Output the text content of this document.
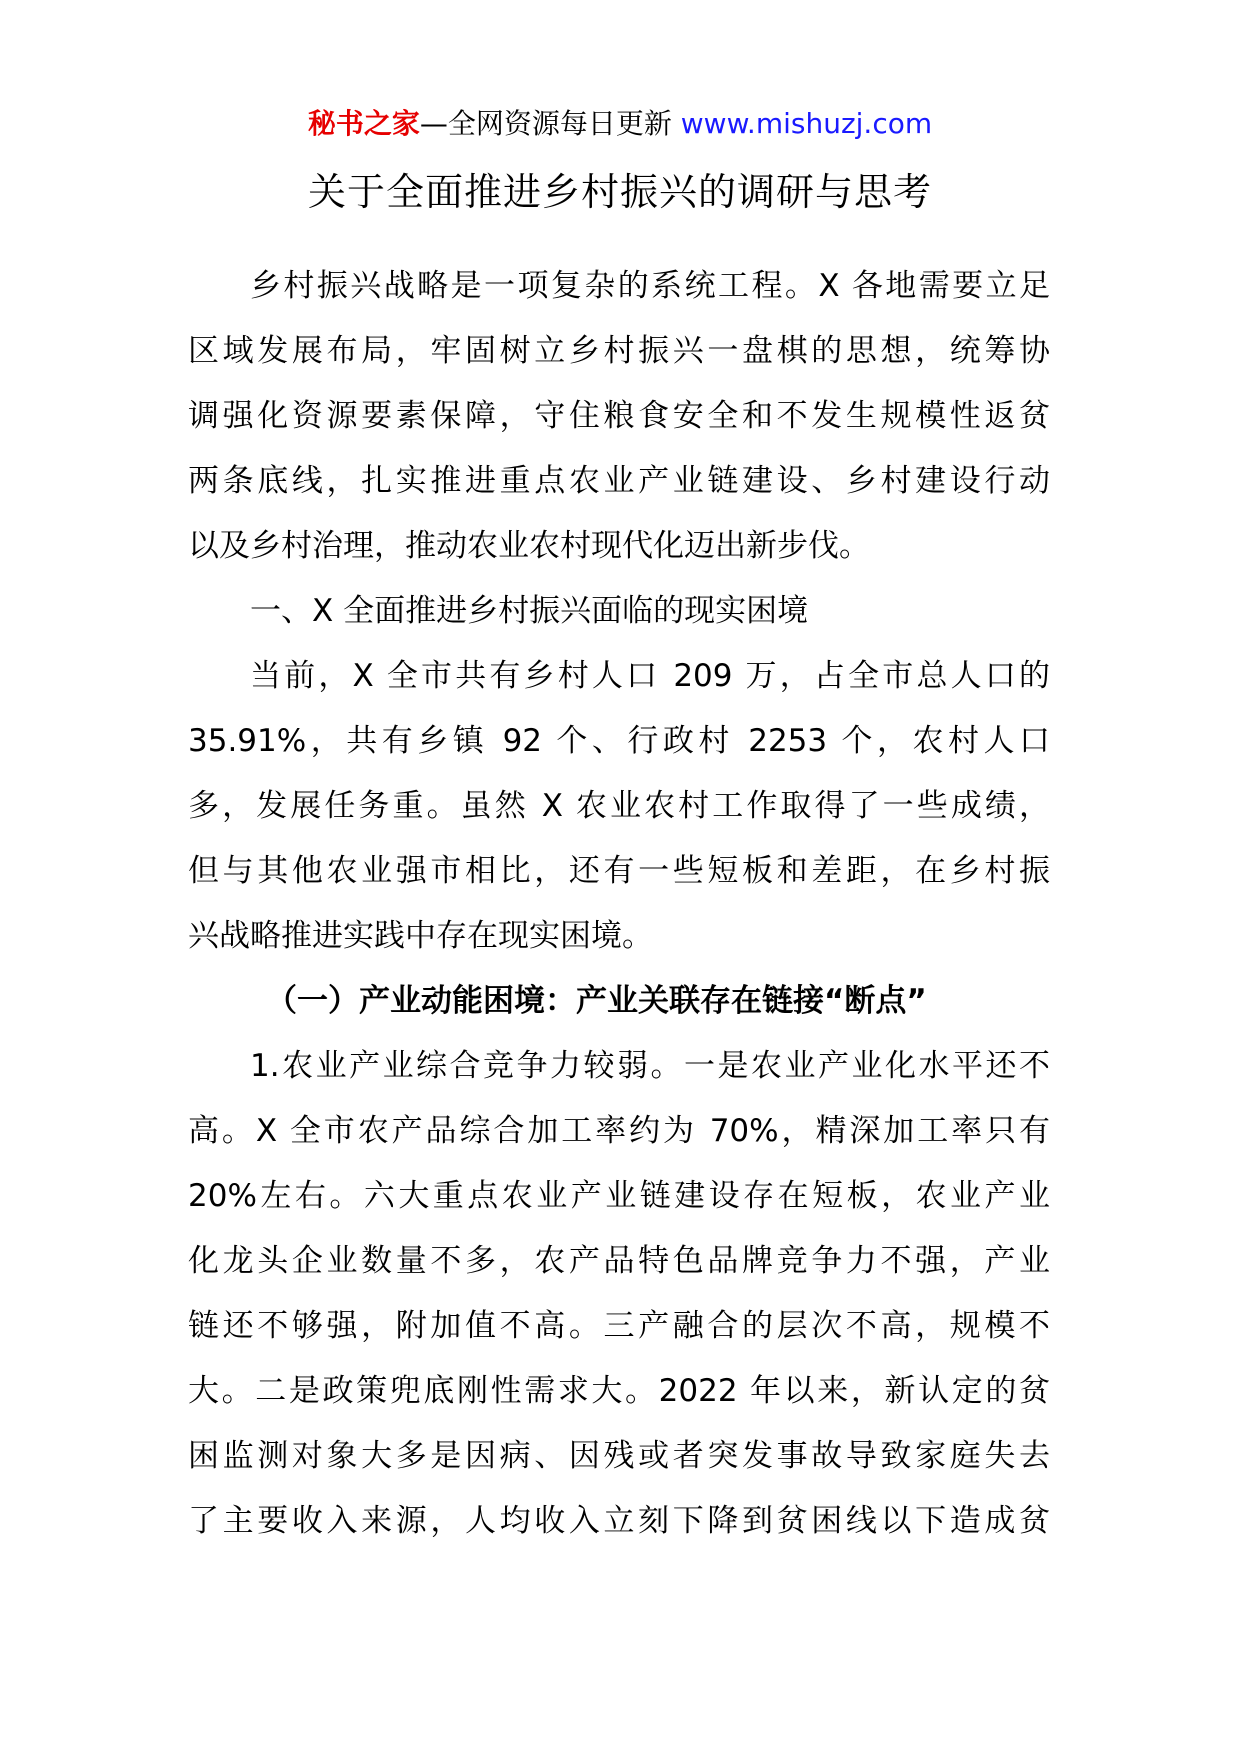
秘书之家—全网资源每日更新 www.mishuzj.com
关于全面推进乡村振兴的调研与思考
乡村振兴战略是一项复杂的系统工程。X 各地需要立足
区域发展布局，牢固树立乡村振兴一盘棋的思想，统筹协
调强化资源要素保障，守住粮食安全和不发生规模性返贫
两条底线，扎实推进重点农业产业链建设、乡村建设行动
以及乡村治理，推动农业农村现代化迈出新步伐。
一、X 全面推进乡村振兴面临的现实困境
当前，X 全市共有乡村人口 209 万，占全市总人口的
35.91%，共有乡镇 92 个、行政村 2253 个，农村人口
多，发展任务重。虽然 X 农业农村工作取得了一些成绩，
但与其他农业强市相比，还有一些短板和差距，在乡村振
兴战略推进实践中存在现实困境。
（一）产业动能困境：产业关联存在链接“断点”
1.农业产业综合竞争力较弱。一是农业产业化水平还不
高。X 全市农产品综合加工率约为 70%，精深加工率只有
20%左右。六大重点农业产业链建设存在短板，农业产业
化龙头企业数量不多，农产品特色品牌竞争力不强，产业
链还不够强，附加值不高。三产融合的层次不高，规模不
大。二是政策兜底刚性需求大。2022 年以来，新认定的贫
困监测对象大多是因病、因残或者突发事故导致家庭失去
了主要收入来源，人均收入立刻下降到贫困线以下造成贫
